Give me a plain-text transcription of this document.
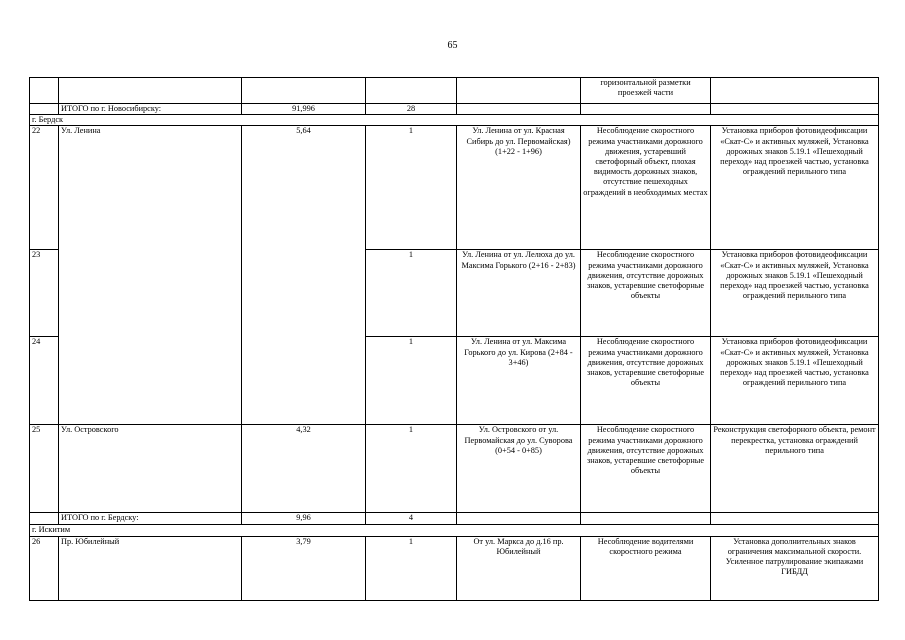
65
					горизонтальной разметки проезжей части	
	ИТОГО по г. Новосибирску:	91,996	28			
г. Бердск						
22	Ул. Ленина	5,64	1	Ул. Ленина от ул. Красная Сибирь до ул. Первомайская) (1+22 - 1+96)	Несоблюдение скоростного режима участниками дорожного движения, устаревший светофорный объект, плохая видимость дорожных знаков, отсутствие пешеходных ограждений в необходимых местах	Установка приборов фотовидеофиксации «Скат-С» и активных муляжей, Установка дорожных знаков 5.19.1 «Пешеходный переход» над проезжей частью, установка ограждений перильного типа
23			1	Ул. Ленина от ул. Лелюха до ул. Максима Горького (2+16 - 2+83)	Несоблюдение скоростного режима участниками дорожного движения, отсутствие дорожных знаков, устаревшие светофорные объекты	Установка приборов фотовидеофиксации «Скат-С» и активных муляжей, Установка дорожных знаков 5.19.1 «Пешеходный переход» над проезжей частью, установка ограждений перильного типа
24			1	Ул. Ленина от ул. Максима Горького до ул. Кирова (2+84 - 3+46)	Несоблюдение скоростного режима участниками дорожного движения, отсутствие дорожных знаков, устаревшие светофорные объекты	Установка приборов фотовидеофиксации «Скат-С» и активных муляжей, Установка дорожных знаков 5.19.1 «Пешеходный переход» над проезжей частью, установка ограждений перильного типа
25	Ул. Островского	4,32	1	Ул. Островского от ул. Первомайская до ул. Суворова (0+54 - 0+85)	Несоблюдение скоростного режима участниками дорожного движения, отсутствие дорожных знаков, устаревшие светофорные объекты	Реконструкция светофорного объекта, ремонт перекрестка, установка ограждений перильного типа
	ИТОГО по г. Бердску:	9,96	4			
г. Искитим						
26	Пр. Юбилейный	3,79	1	От ул. Маркса до д.16 пр. Юбилейный	Несоблюдение водителями скоростного режима	Установка дополнительных знаков ограничения максимальной скорости. Усиленное патрулирование экипажами ГИБДД
